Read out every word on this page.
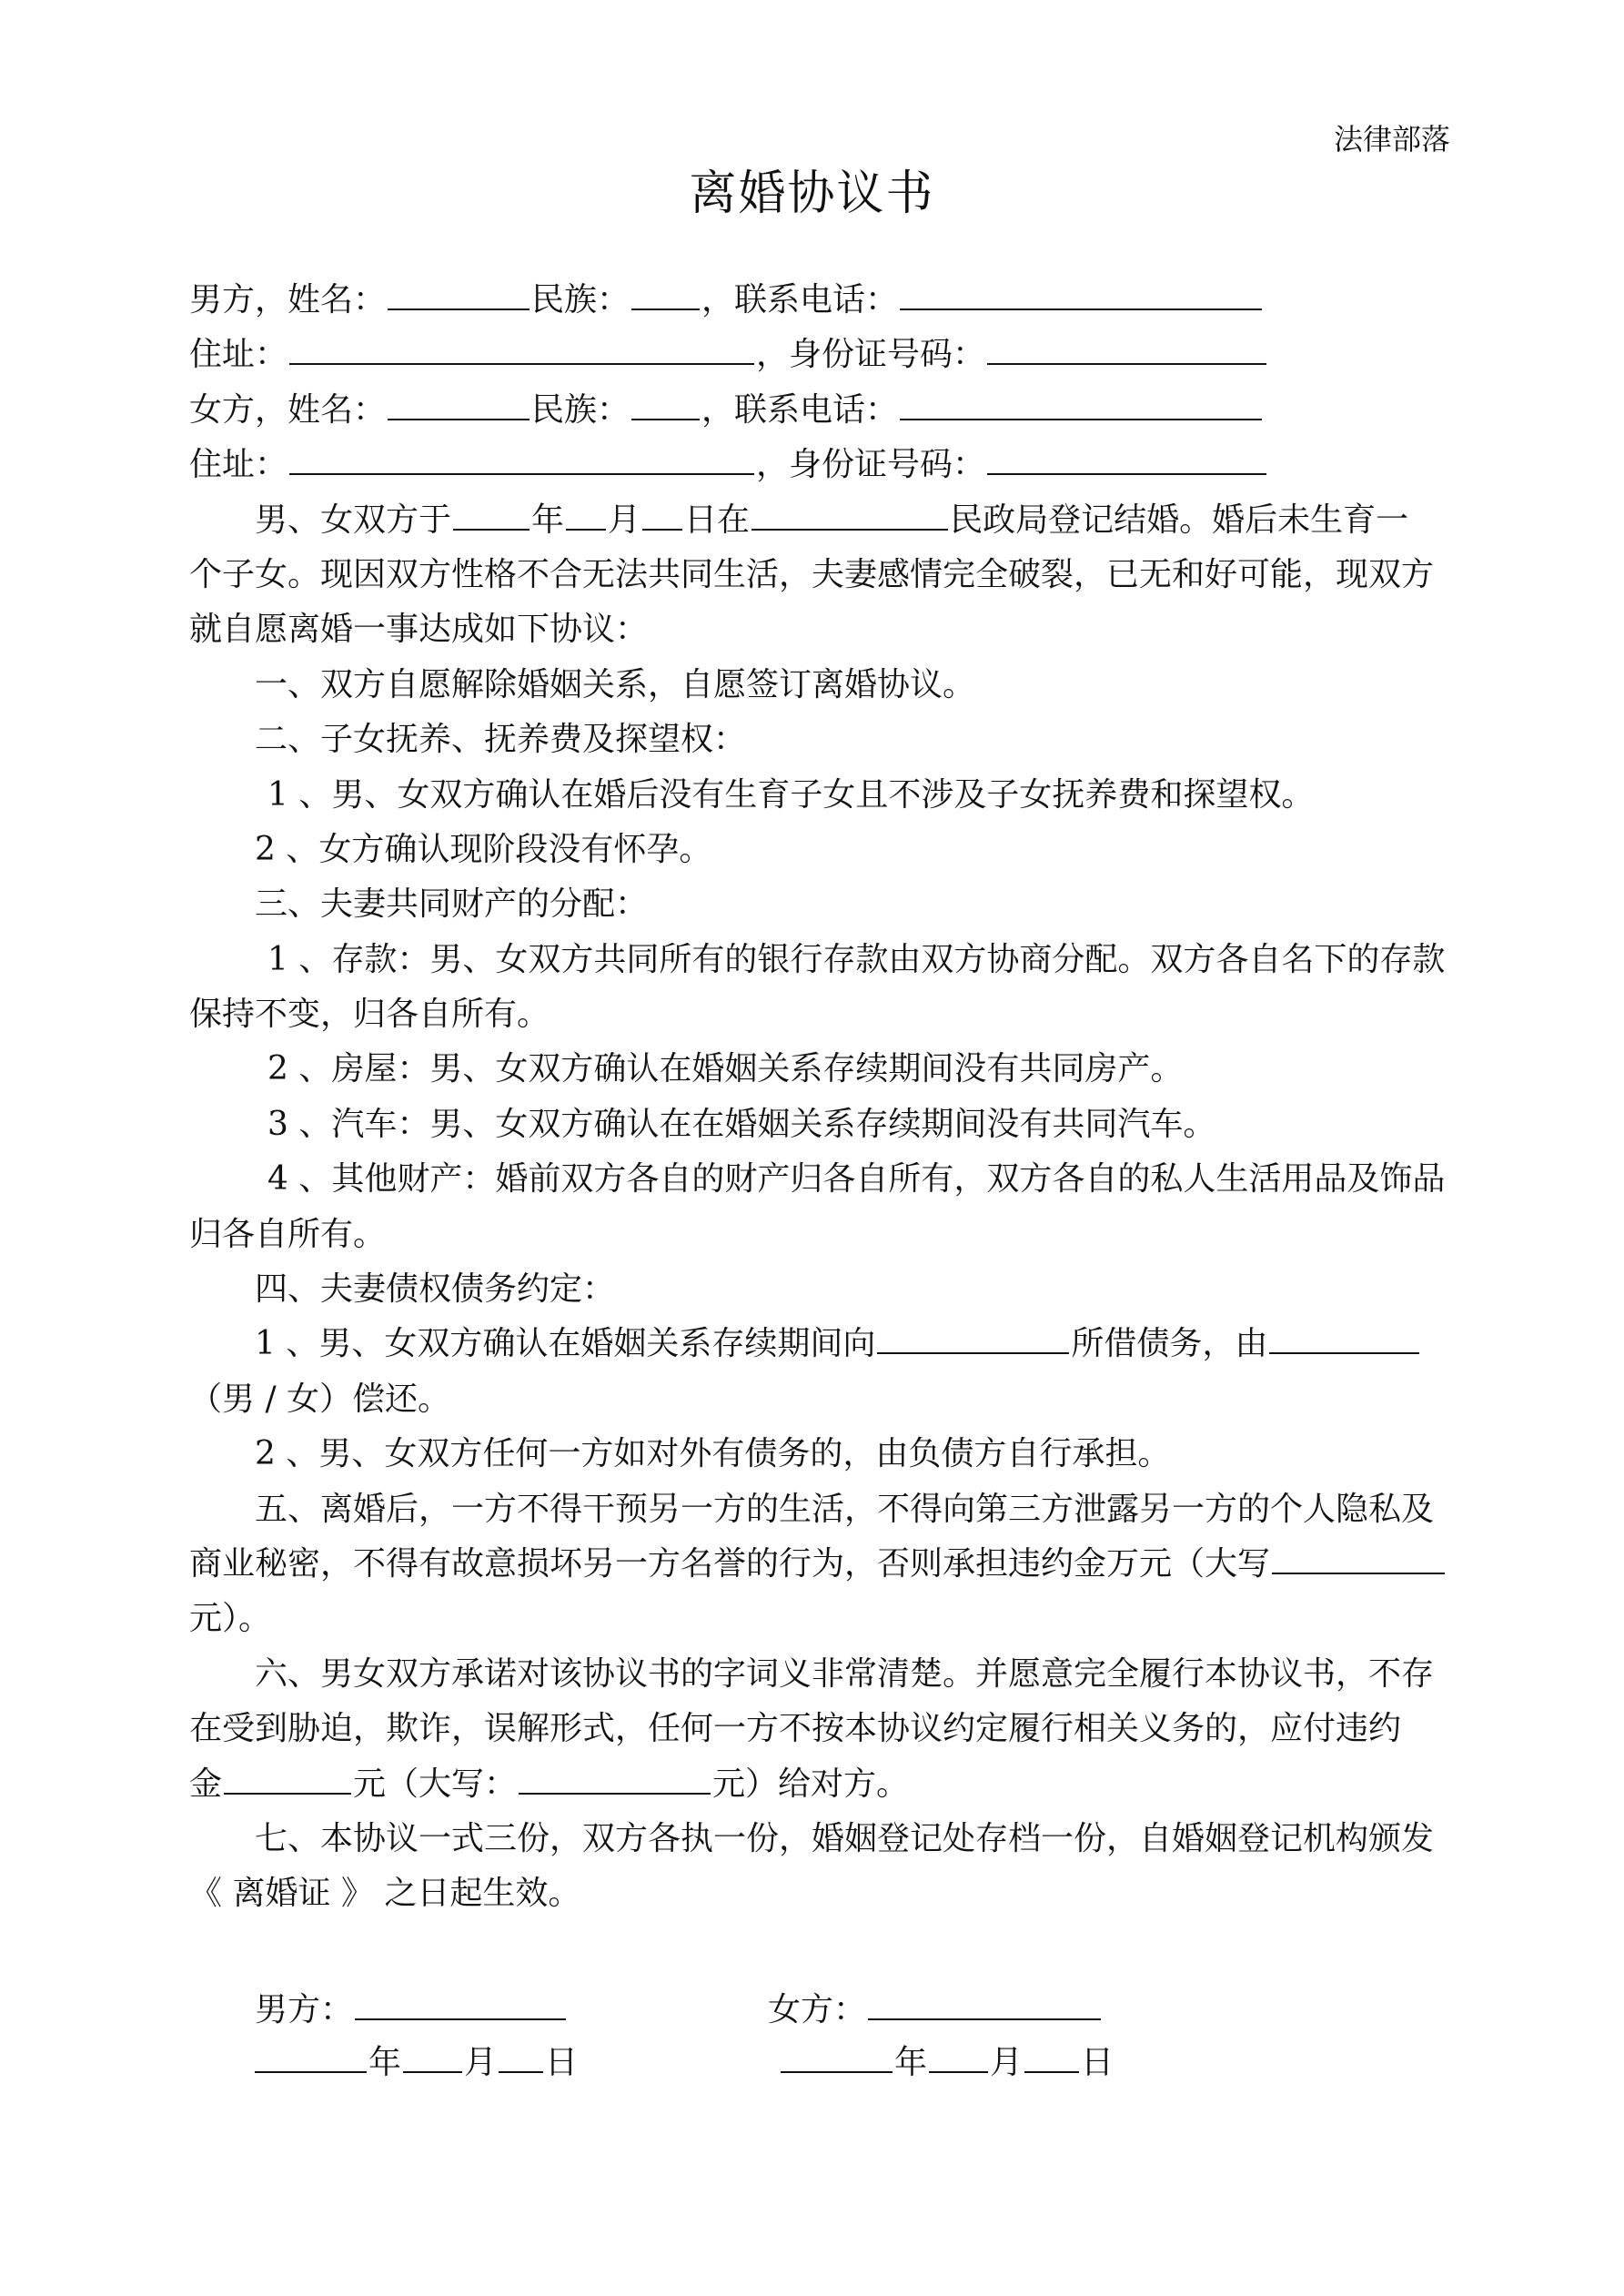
法律部落
离婚协议书
男方，姓名：	民族： ，联系电话：
住址：	，身份证号码：
女方，姓名：	民族： ，联系电话：
住址：	，身份证号码：
男、女双方于 年 月 日在	民政局登记结婚。婚后未生育一
个子女。现因双方性格不合无法共同生活，夫妻感情完全破裂，已无和好可能，现双方
就自愿离婚一事达成如下协议：
一、双方自愿解除婚姻关系，自愿签订离婚协议。
二、子女抚养、抚养费及探望权：
1 、男、女双方确认在婚后没有生育子女且不涉及子女抚养费和探望权。
2 、女方确认现阶段没有怀孕。
三、夫妻共同财产的分配：
1 、存款：男、女双方共同所有的银行存款由双方协商分配。双方各自名下的存款
保持不变，归各自所有。
2 、房屋：男、女双方确认在婚姻关系存续期间没有共同房产。
3 、汽车：男、女双方确认在在婚姻关系存续期间没有共同汽车。
4 、其他财产：婚前双方各自的财产归各自所有，双方各自的私人生活用品及饰品
归各自所有。
四、夫妻债权债务约定：
1 、男、女双方确认在婚姻关系存续期间向	所借债务，由
（男 / 女）偿还。
2 、男、女双方任何一方如对外有债务的，由负债方自行承担。
五、离婚后，一方不得干预另一方的生活，不得向第三方泄露另一方的个人隐私及
商业秘密，不得有故意损坏另一方名誉的行为，否则承担违约金万元（大写
元）。
六、男女双方承诺对该协议书的字词义非常清楚。并愿意完全履行本协议书，不存
在受到胁迫，欺诈，误解形式，任何一方不按本协议约定履行相关义务的，应付违约
金	元（大写：	元）给对方。
七、本协议一式三份，双方各执一份，婚姻登记处存档一份，自婚姻登记机构颁发
《 离婚证 》 之日起生效。
男方：	女方：
年 月 日	年 月 日
